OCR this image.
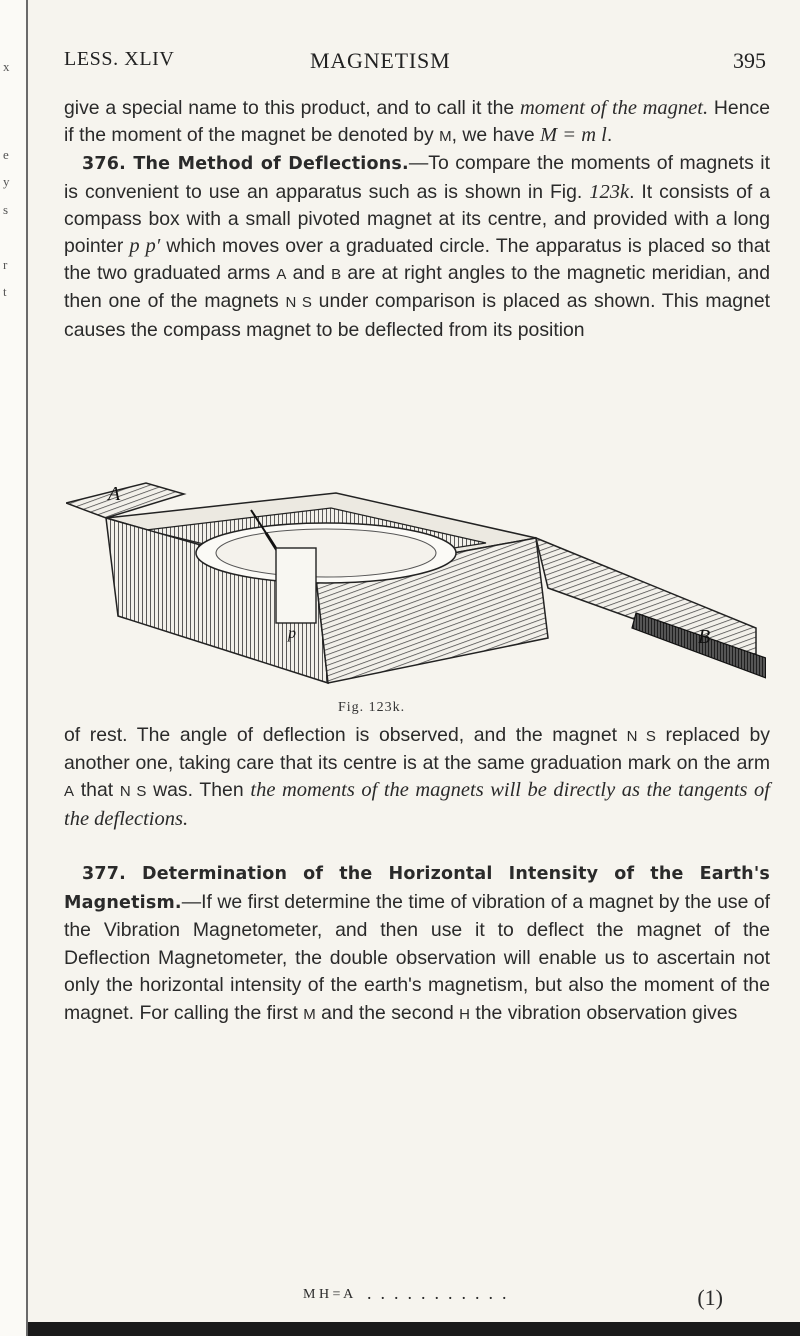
x
e
y
s
r
t
LESS. XLIV	MAGNETISM	395

give a special name to this product, and to call it the moment of the magnet. Hence if the moment of the magnet be denoted by M, we have M = m l.

376. The Method of Deflections.—To compare the moments of magnets it is convenient to use an apparatus such as is shown in Fig. 123k. It consists of a compass box with a small pivoted magnet at its centre, and provided with a long pointer p p′ which moves over a graduated circle. The apparatus is placed so that the two graduated arms A and B are at right angles to the magnetic meridian, and then one of the magnets N S under comparison is placed as shown. This magnet causes the compass magnet to be deflected from its position

A
B
p
Fig. 123k.

of rest. The angle of deflection is observed, and the magnet N S replaced by another one, taking care that its centre is at the same graduation mark on the arm A that N S was. Then the moments of the magnets will be directly as the tangents of the deflections.

377. Determination of the Horizontal Intensity of the Earth's Magnetism.—If we first determine the time of vibration of a magnet by the use of the Vibration Magnetometer, and then use it to deflect the magnet of the Deflection Magnetometer, the double observation will enable us to ascertain not only the horizontal intensity of the earth's magnetism, but also the moment of the magnet. For calling the first M and the second H the vibration observation gives

M H = A ...........	(1)
